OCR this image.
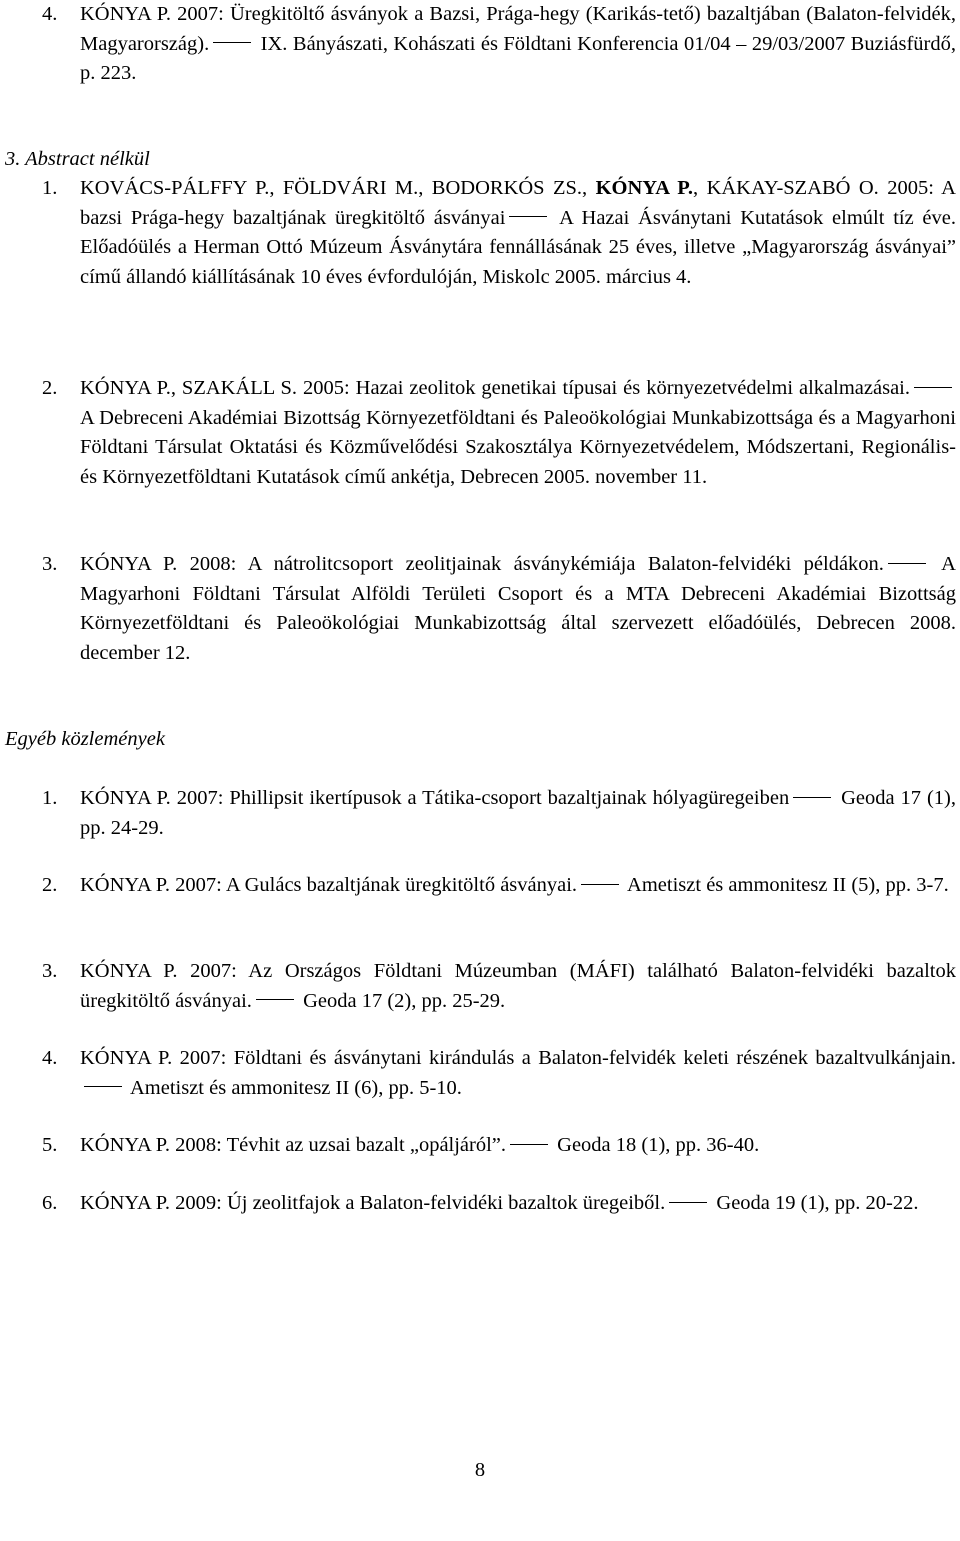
4. KÓNYA P. 2007: Üregkitöltő ásványok a Bazsi, Prága-hegy (Karikás-tető) bazaltjában (Balaton-felvidék, Magyarország). IX. Bányászati, Kohászati és Földtani Konferencia 01/04 – 29/03/2007 Buziásfürdő, p. 223.
3. Abstract nélkül
1. KOVÁCS-PÁLFFY P., FÖLDVÁRI M., BODORKÓS ZS., KÓNYA P., KÁKAY-SZABÓ O. 2005: A bazsi Prága-hegy bazaltjának üregkitöltő ásványai A Hazai Ásványtani Kutatások elmúlt tíz éve. Előadóülés a Herman Ottó Múzeum Ásványtára fennállásának 25 éves, illetve „Magyarország ásványai” című állandó kiállításának 10 éves évfordulóján, Miskolc 2005. március 4.
2. KÓNYA P., SZAKÁLL S. 2005: Hazai zeolitok genetikai típusai és környezetvédelmi alkalmazásai. A Debreceni Akadémiai Bizottság Környezetföldtani és Paleoökológiai Munkabizottsága és a Magyarhoni Földtani Társulat Oktatási és Közművelődési Szakosztálya Környezetvédelem, Módszertani, Regionális- és Környezetföldtani Kutatások című ankétja, Debrecen 2005. november 11.
3. KÓNYA P. 2008: A nátrolitcsoport zeolitjainak ásványkémiája Balaton-felvidéki példákon. A Magyarhoni Földtani Társulat Alföldi Területi Csoport és a MTA Debreceni Akadémiai Bizottság Környezetföldtani és Paleoökológiai Munkabizottság által szervezett előadóülés, Debrecen 2008. december 12.
Egyéb közlemények
1. KÓNYA P. 2007: Phillipsit ikertípusok a Tátika-csoport bazaltjainak hólyagüregeiben Geoda 17 (1), pp. 24-29.
2. KÓNYA P. 2007: A Gulács bazaltjának üregkitöltő ásványai. Ametiszt és ammonitesz II (5), pp. 3-7.
3. KÓNYA P. 2007: Az Országos Földtani Múzeumban (MÁFI) található Balaton-felvidéki bazaltok üregkitöltő ásványai. Geoda 17 (2), pp. 25-29.
4. KÓNYA P. 2007: Földtani és ásványtani kirándulás a Balaton-felvidék keleti részének bazaltvulkánjain. Ametiszt és ammonitesz II (6), pp. 5-10.
5. KÓNYA P. 2008: Tévhit az uzsai bazalt „opáljáról”. Geoda 18 (1), pp. 36-40.
6. KÓNYA P. 2009: Új zeolitfajok a Balaton-felvidéki bazaltok üregeiből. Geoda 19 (1), pp. 20-22.
8
